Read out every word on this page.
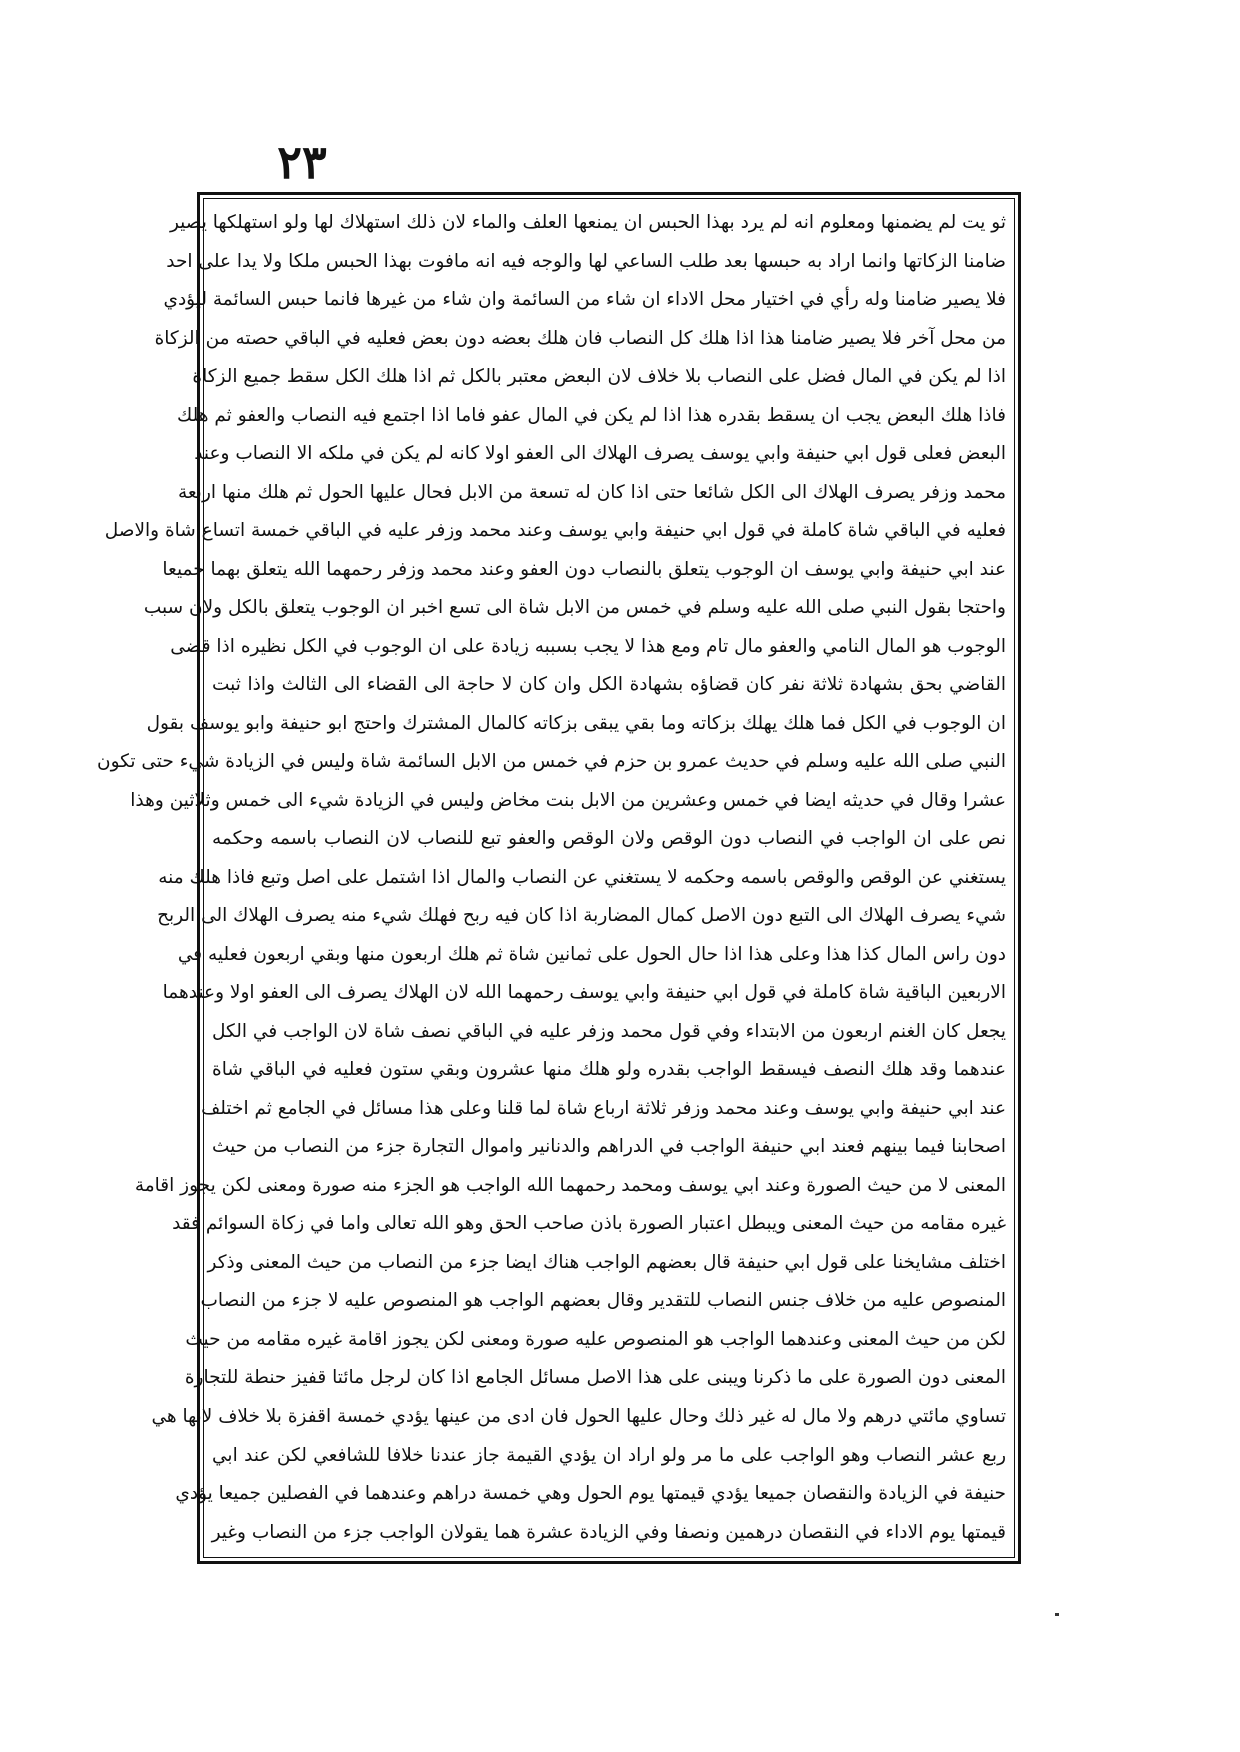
٢٣
ثو يت لم يضمنها ومعلوم انه لم يرد بهذا الحبس ان يمنعها العلف والماء لان ذلك استهلاك لها ولو استهلكها يصير
ضامنا الزكاتها وانما اراد به حبسها بعد طلب الساعي لها والوجه فيه انه مافوت بهذا الحبس ملكا ولا يدا على احد
فلا يصير ضامنا وله رأي في اختيار محل الاداء ان شاء من السائمة وان شاء من غيرها فانما حبس السائمة ليؤدي
من محل آخر فلا يصير ضامنا هذا اذا هلك كل النصاب فان هلك بعضه دون بعض فعليه في الباقي حصته من الزكاة
اذا لم يكن في المال فضل على النصاب بلا خلاف لان البعض معتبر بالكل ثم اذا هلك الكل سقط جميع الزكاة
فاذا هلك البعض يجب ان يسقط بقدره هذا اذا لم يكن في المال عفو فاما اذا اجتمع فيه النصاب والعفو ثم هلك
البعض فعلى قول ابي حنيفة وابي يوسف يصرف الهلاك الى العفو اولا كانه لم يكن في ملكه الا النصاب وعند
محمد وزفر يصرف الهلاك الى الكل شائعا حتى اذا كان له تسعة من الابل فحال عليها الحول ثم هلك منها اربعة
فعليه في الباقي شاة كاملة في قول ابي حنيفة وابي يوسف وعند محمد وزفر عليه في الباقي خمسة اتساع شاة والاصل
عند ابي حنيفة وابي يوسف ان الوجوب يتعلق بالنصاب دون العفو وعند محمد وزفر رحمهما الله يتعلق بهما جميعا
واحتجا بقول النبي صلى الله عليه وسلم في خمس من الابل شاة الى تسع اخبر ان الوجوب يتعلق بالكل ولان سبب
الوجوب هو المال النامي والعفو مال تام ومع هذا لا يجب بسببه زيادة على ان الوجوب في الكل نظيره اذا قضى
القاضي بحق بشهادة ثلاثة نفر كان قضاؤه بشهادة الكل وان كان لا حاجة الى القضاء الى الثالث واذا ثبت
ان الوجوب في الكل فما هلك يهلك بزكاته وما بقي يبقى بزكاته كالمال المشترك واحتج ابو حنيفة وابو يوسف بقول
النبي صلى الله عليه وسلم في حديث عمرو بن حزم في خمس من الابل السائمة شاة وليس في الزيادة شيء حتى تكون
عشرا وقال في حديثه ايضا في خمس وعشرين من الابل بنت مخاض وليس في الزيادة شيء الى خمس وثلاثين وهذا
نص على ان الواجب في النصاب دون الوقص ولان الوقص والعفو تبع للنصاب لان النصاب باسمه وحكمه
يستغني عن الوقص والوقص باسمه وحكمه لا يستغني عن النصاب والمال اذا اشتمل على اصل وتبع فاذا هلك منه
شيء يصرف الهلاك الى التبع دون الاصل كمال المضاربة اذا كان فيه ربح فهلك شيء منه يصرف الهلاك الى الربح
دون راس المال كذا هذا وعلى هذا اذا حال الحول على ثمانين شاة ثم هلك اربعون منها وبقي اربعون فعليه في
الاربعين الباقية شاة كاملة في قول ابي حنيفة وابي يوسف رحمهما الله لان الهلاك يصرف الى العفو اولا وعندهما
يجعل كان الغنم اربعون من الابتداء وفي قول محمد وزفر عليه في الباقي نصف شاة لان الواجب في الكل
عندهما وقد هلك النصف فيسقط الواجب بقدره ولو هلك منها عشرون وبقي ستون فعليه في الباقي شاة
عند ابي حنيفة وابي يوسف وعند محمد وزفر ثلاثة ارباع شاة لما قلنا وعلى هذا مسائل في الجامع ثم اختلف
اصحابنا فيما بينهم فعند ابي حنيفة الواجب في الدراهم والدنانير واموال التجارة جزء من النصاب من حيث
المعنى لا من حيث الصورة وعند ابي يوسف ومحمد رحمهما الله الواجب هو الجزء منه صورة ومعنى لكن يجوز اقامة
غيره مقامه من حيث المعنى ويبطل اعتبار الصورة باذن صاحب الحق وهو الله تعالى واما في زكاة السوائم فقد
اختلف مشايخنا على قول ابي حنيفة قال بعضهم الواجب هناك ايضا جزء من النصاب من حيث المعنى وذكر
المنصوص عليه من خلاف جنس النصاب للتقدير وقال بعضهم الواجب هو المنصوص عليه لا جزء من النصاب
لكن من حيث المعنى وعندهما الواجب هو المنصوص عليه صورة ومعنى لكن يجوز اقامة غيره مقامه من حيث
المعنى دون الصورة على ما ذكرنا ويبنى على هذا الاصل مسائل الجامع اذا كان لرجل مائتا قفيز حنطة للتجارة
تساوي مائتي درهم ولا مال له غير ذلك وحال عليها الحول فان ادى من عينها يؤدي خمسة اقفزة بلا خلاف لانها هي
ربع عشر النصاب وهو الواجب على ما مر ولو اراد ان يؤدي القيمة جاز عندنا خلافا للشافعي لكن عند ابي
حنيفة في الزيادة والنقصان جميعا يؤدي قيمتها يوم الحول وهي خمسة دراهم وعندهما في الفصلين جميعا يؤدي
قيمتها يوم الاداء في النقصان درهمين ونصفا وفي الزيادة عشرة هما يقولان الواجب جزء من النصاب وغير
